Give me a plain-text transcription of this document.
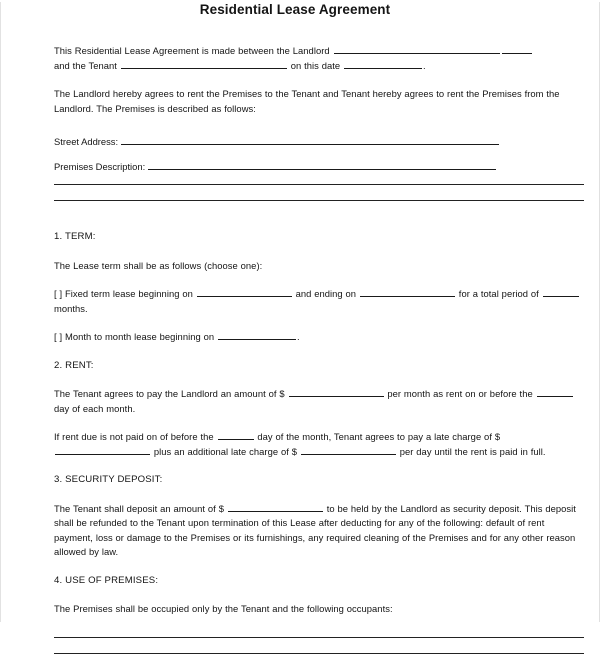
Residential Lease Agreement

This Residential Lease Agreement is made between the Landlord
and the Tenant	on this date	.

The Landlord hereby agrees to rent the Premises to the Tenant and Tenant hereby agrees to rent the Premises from the Landlord. The Premises is described as follows:

Street Address:

Premises Description:

1. TERM:

The Lease term shall be as follows (choose one):

[ ] Fixed term lease beginning on	and ending on	for a total period of  months.

[ ] Month to month lease beginning on	.

2. RENT:

The Tenant agrees to pay the Landlord an amount of $	per month as rent on or before the  day of each month.

If rent due is not paid on of before the	day of the month, Tenant agrees to pay a late charge of $  plus an additional late charge of $	per day until the rent is paid in full.

3. SECURITY DEPOSIT:

The Tenant shall deposit an amount of $	to be held by the Landlord as security deposit. This deposit shall be refunded to the Tenant upon termination of this Lease after deducting for any of the following: default of rent payment, loss or damage to the Premises or its furnishings, any required cleaning of the Premises and for any other reason allowed by law.

4. USE OF PREMISES:

The Premises shall be occupied only by the Tenant and the following occupants:
